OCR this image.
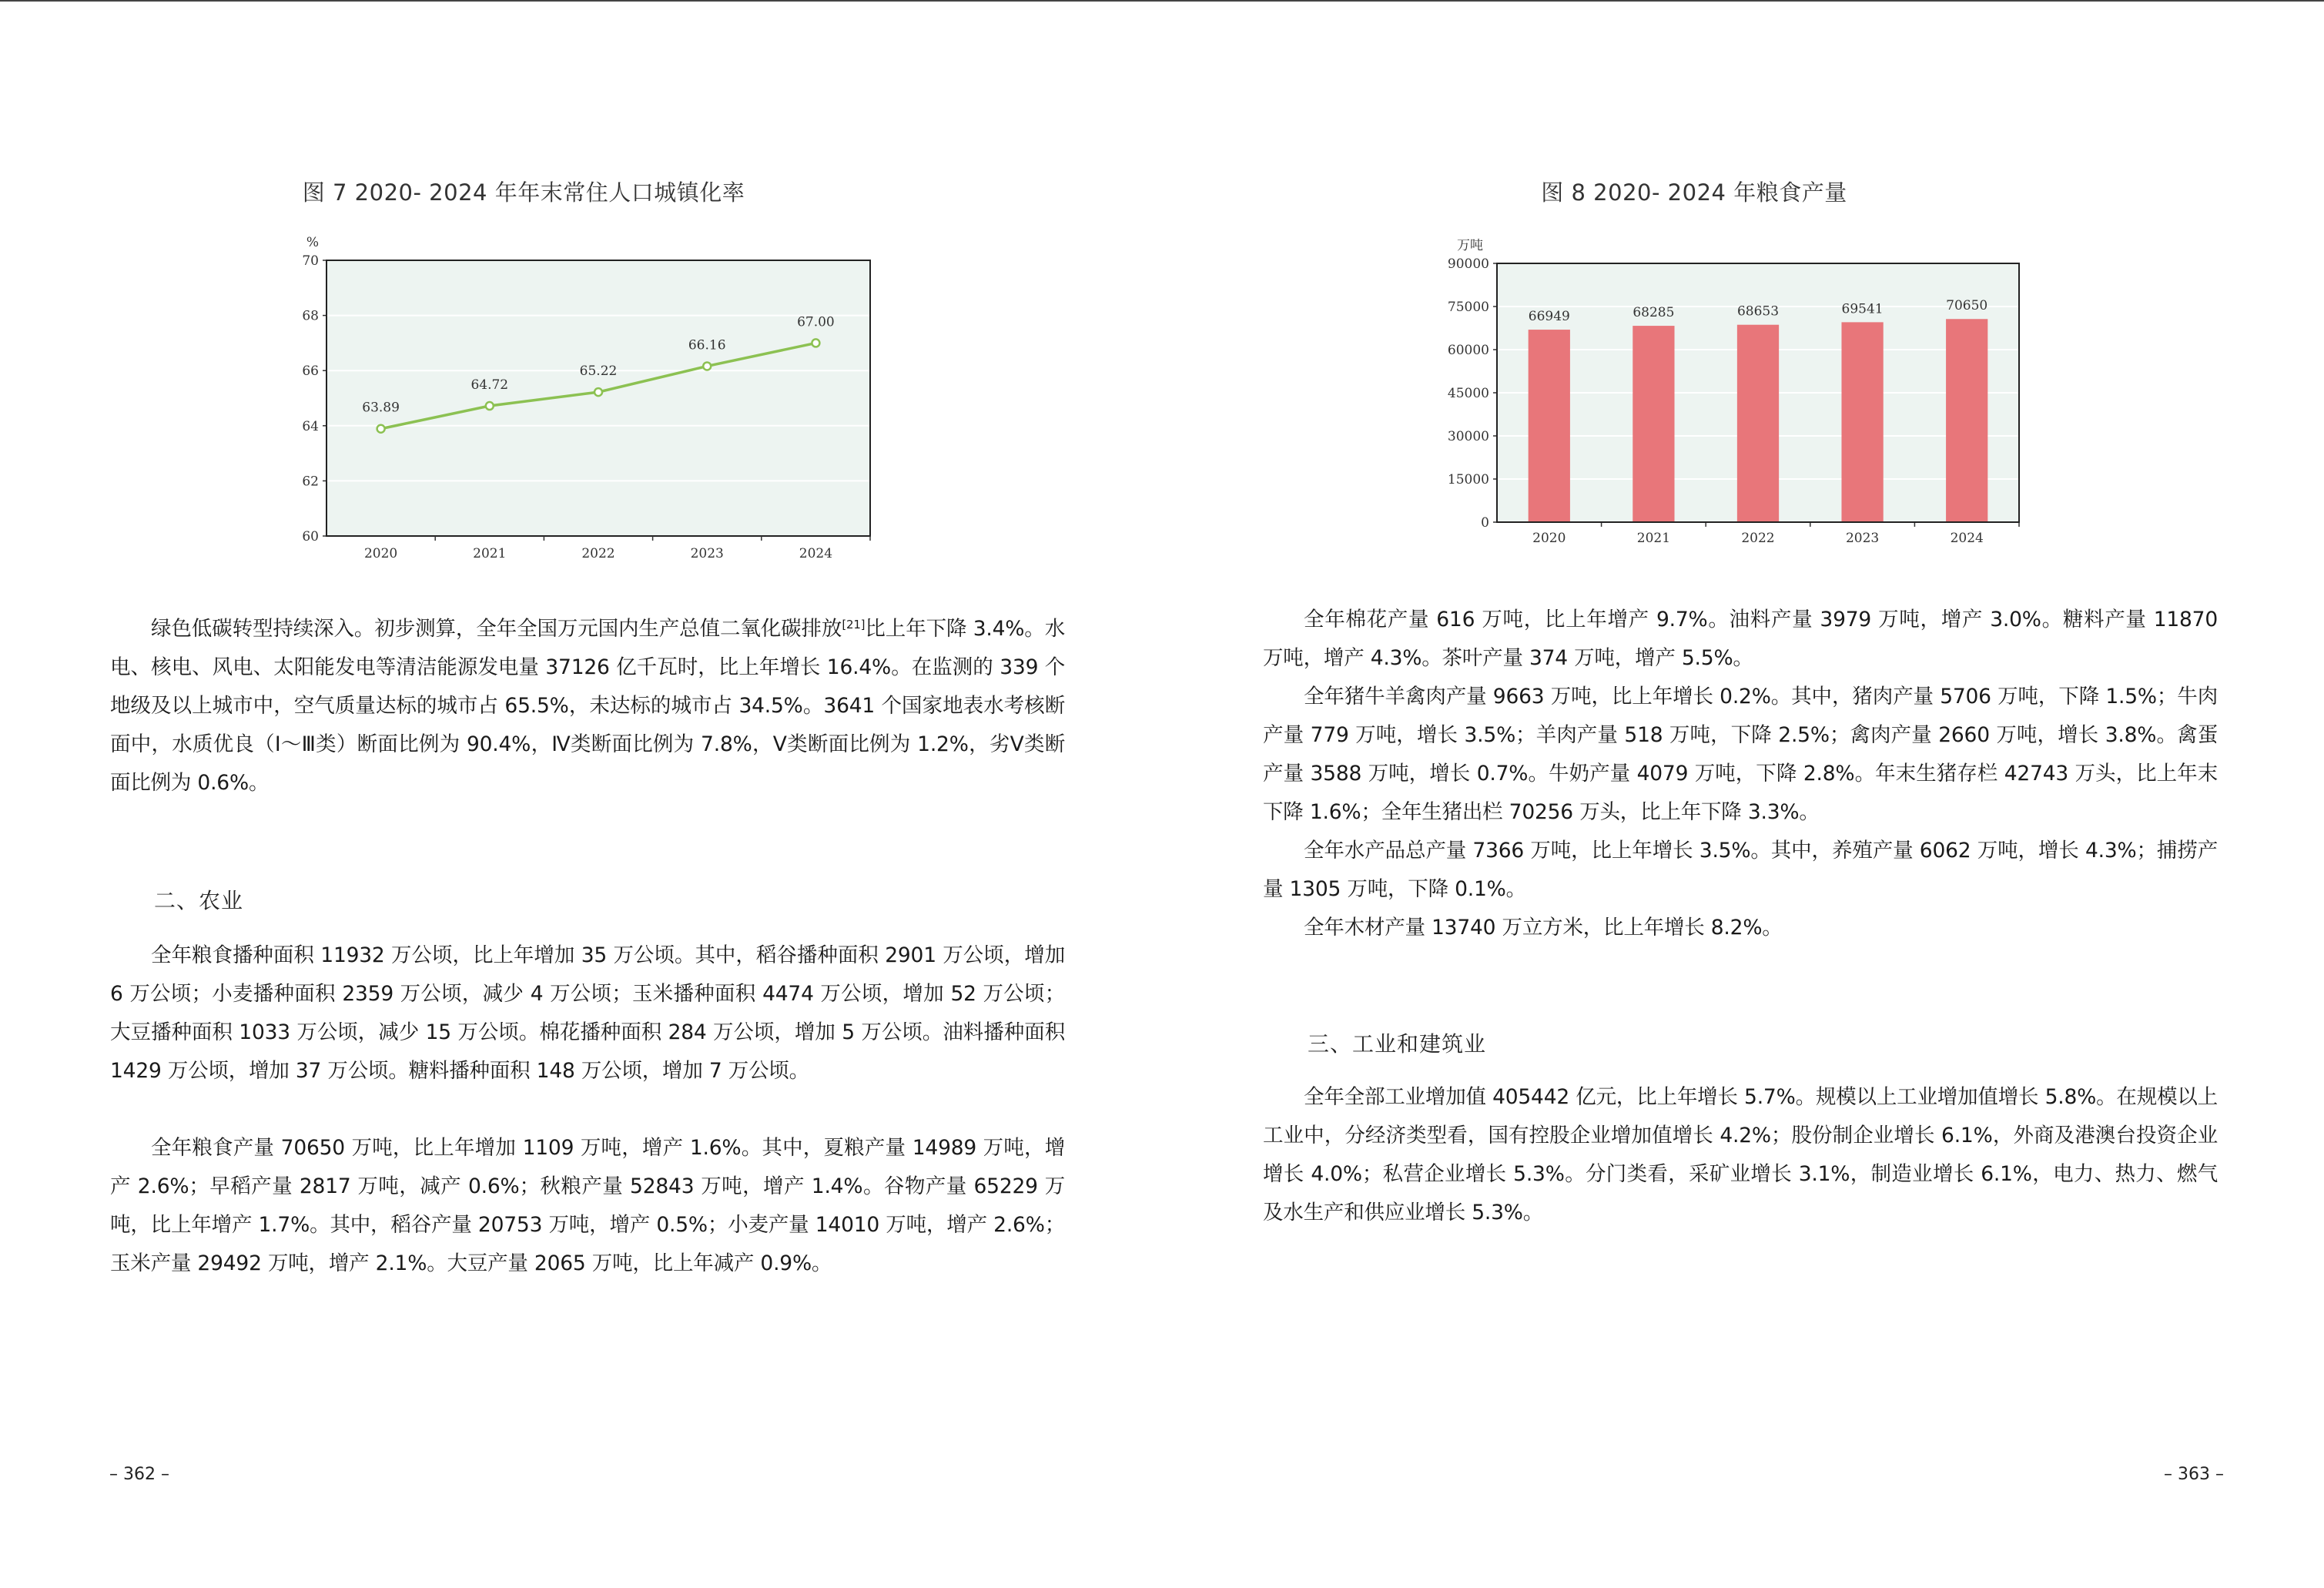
图 7 2020- 2024 年年末常住人口城镇化率
60
62
64
66
68
70
%
63.89
2020
64.72
2021
65.22
2022
66.16
2023
67.00
2024

绿色低碳转型持续深入。初步测算，全年全国万元国内生产总值二氧化碳排放[21]比上年下降 3.4%。水电、核电、风电、太阳能发电等清洁能源发电量 37126 亿千瓦时，比上年增长 16.4%。在监测的 339 个地级及以上城市中，空气质量达标的城市占 65.5%，未达标的城市占 34.5%。3641 个国家地表水考核断面中，水质优良（Ⅰ～Ⅲ类）断面比例为 90.4%，Ⅳ类断面比例为 7.8%，Ⅴ类断面比例为 1.2%，劣Ⅴ类断面比例为 0.6%。

二、农业

全年粮食播种面积 11932 万公顷，比上年增加 35 万公顷。其中，稻谷播种面积 2901 万公顷，增加 6 万公顷；小麦播种面积 2359 万公顷，减少 4 万公顷；玉米播种面积 4474 万公顷，增加 52 万公顷；大豆播种面积 1033 万公顷，减少 15 万公顷。棉花播种面积 284 万公顷，增加 5 万公顷。油料播种面积 1429 万公顷，增加 37 万公顷。糖料播种面积 148 万公顷，增加 7 万公顷。

全年粮食产量 70650 万吨，比上年增加 1109 万吨，增产 1.6%。其中，夏粮产量 14989 万吨，增产 2.6%；早稻产量 2817 万吨，减产 0.6%；秋粮产量 52843 万吨，增产 1.4%。谷物产量 65229 万吨，比上年增产 1.7%。其中，稻谷产量 20753 万吨，增产 0.5%；小麦产量 14010 万吨，增产 2.6%；玉米产量 29492 万吨，增产 2.1%。大豆产量 2065 万吨，比上年减产 0.9%。

– 362 –
图 8 2020- 2024 年粮食产量
0
15000
30000
45000
60000
75000
90000
万吨
66949
2020
68285
2021
68653
2022
69541
2023
70650
2024

全年棉花产量 616 万吨，比上年增产 9.7%。油料产量 3979 万吨，增产 3.0%。糖料产量 11870 万吨，增产 4.3%。茶叶产量 374 万吨，增产 5.5%。

全年猪牛羊禽肉产量 9663 万吨，比上年增长 0.2%。其中，猪肉产量 5706 万吨，下降 1.5%；牛肉产量 779 万吨，增长 3.5%；羊肉产量 518 万吨，下降 2.5%；禽肉产量 2660 万吨，增长 3.8%。禽蛋产量 3588 万吨，增长 0.7%。牛奶产量 4079 万吨，下降 2.8%。年末生猪存栏 42743 万头，比上年末下降 1.6%；全年生猪出栏 70256 万头，比上年下降 3.3%。

全年水产品总产量 7366 万吨，比上年增长 3.5%。其中，养殖产量 6062 万吨，增长 4.3%；捕捞产量 1305 万吨，下降 0.1%。

全年木材产量 13740 万立方米，比上年增长 8.2%。

三、工业和建筑业

全年全部工业增加值 405442 亿元，比上年增长 5.7%。规模以上工业增加值增长 5.8%。在规模以上工业中，分经济类型看，国有控股企业增加值增长 4.2%；股份制企业增长 6.1%，外商及港澳台投资企业增长 4.0%；私营企业增长 5.3%。分门类看，采矿业增长 3.1%，制造业增长 6.1%，电力、热力、燃气及水生产和供应业增长 5.3%。

– 363 –
